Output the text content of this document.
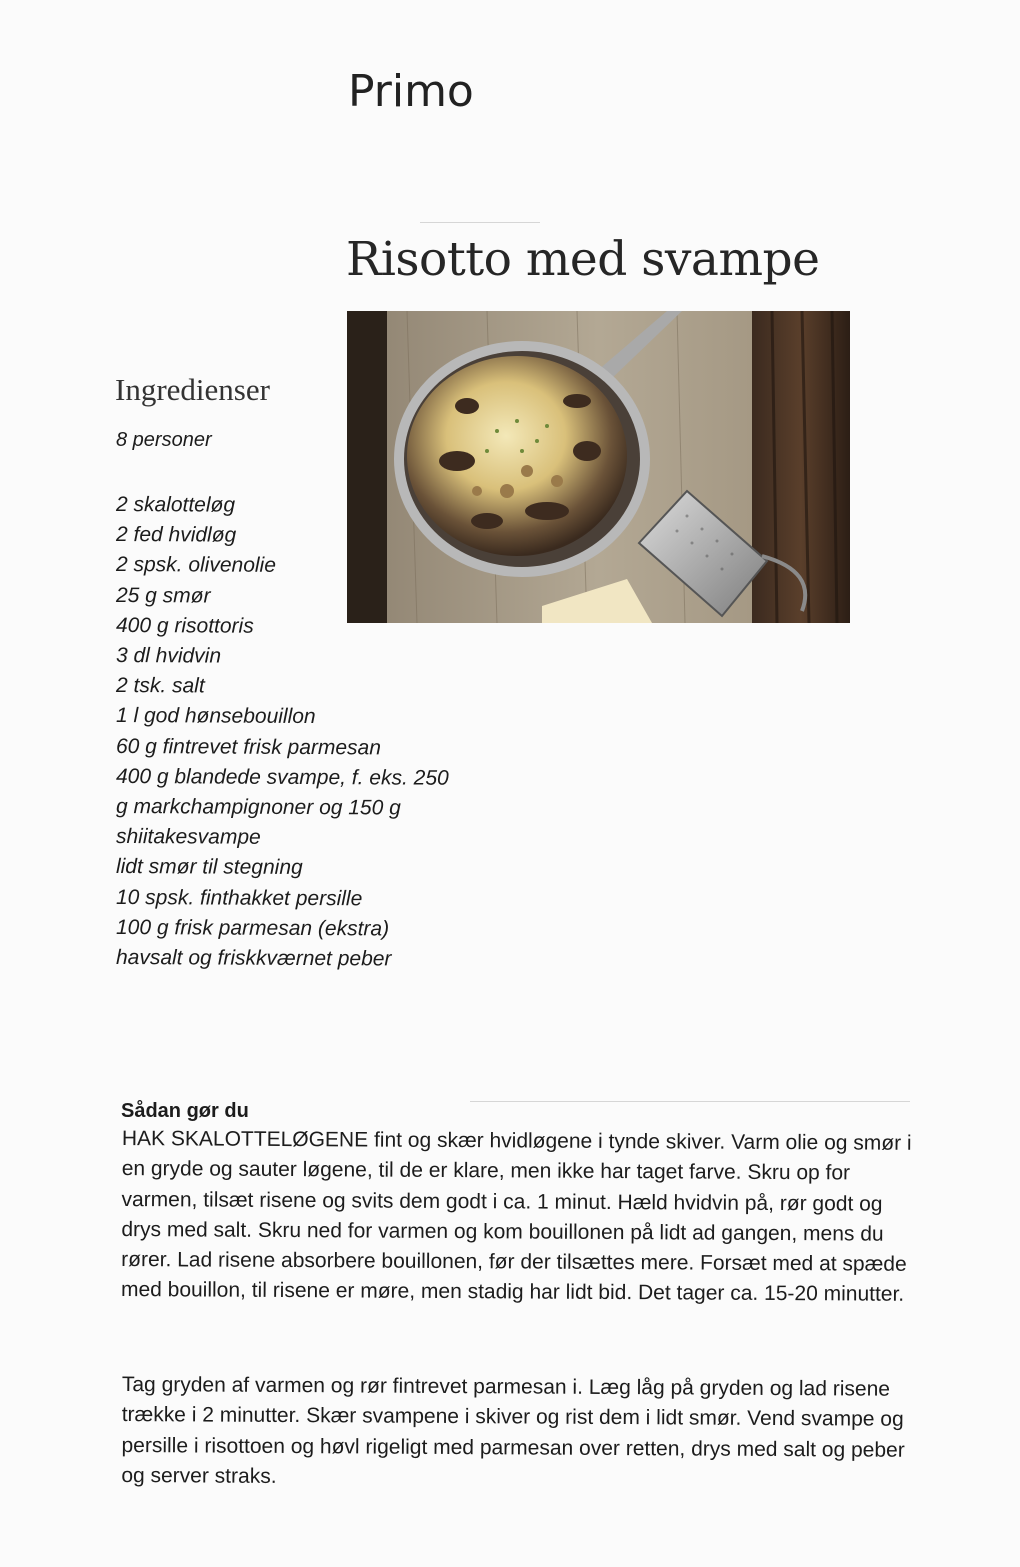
Primo
Risotto med svampe
Ingredienser
8 personer
2 skalotteløg
2 fed hvidløg
2 spsk. olivenolie
25 g smør
400 g risottoris
3 dl hvidvin
2 tsk. salt
1 l god hønsebouillon
60 g fintrevet frisk parmesan
400 g blandede svampe, f. eks. 250
g markchampignoner og 150 g
shiitakesvampe
lidt smør til stegning
10 spsk. finthakket persille
100 g frisk parmesan (ekstra)
havsalt og friskkværnet peber
Sådan gør du

HAK SKALOTTELØGENE fint og skær hvidløgene i tynde skiver. Varm olie og smør i en gryde og sauter løgene, til de er klare, men ikke har taget farve. Skru op for varmen, tilsæt risene og svits dem godt i ca. 1 minut. Hæld hvidvin på, rør godt og drys med salt. Skru ned for varmen og kom bouillonen på lidt ad gangen, mens du rører. Lad risene absorbere bouillonen, før der tilsættes mere. Forsæt med at spæde med bouillon, til risene er møre, men stadig har lidt bid. Det tager ca. 15-20 minutter.

Tag gryden af varmen og rør fintrevet parmesan i. Læg låg på gryden og lad risene trække i 2 minutter. Skær svampene i skiver og rist dem i lidt smør. Vend svampe og persille i risottoen og høvl rigeligt med parmesan over retten, drys med salt og peber og server straks.
